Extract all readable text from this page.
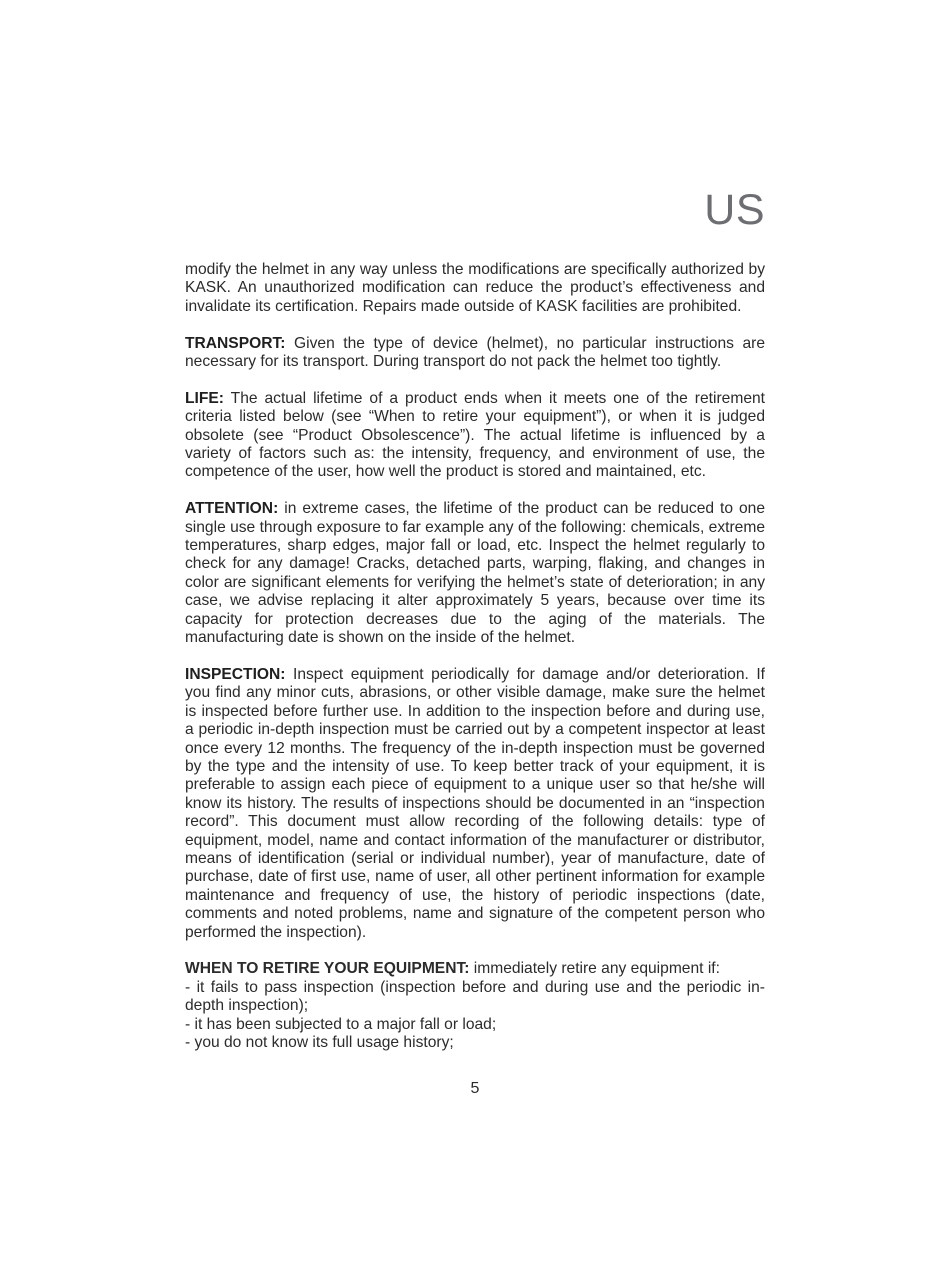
US

modify the helmet in any way unless the modifications are specifically authorized by KASK. An unauthorized modification can reduce the product’s effectiveness and invalidate its certification. Repairs made outside of KASK facilities are prohibited.

TRANSPORT: Given the type of device (helmet), no particular instructions are necessary for its transport. During transport do not pack the helmet too tightly.

LIFE: The actual lifetime of a product ends when it meets one of the retirement criteria listed below (see “When to retire your equipment”), or when it is judged obsolete (see “Product Obsolescence”). The actual lifetime is influenced by a variety of factors such as: the intensity, frequency, and environment of use, the competence of the user, how well the product is stored and maintained, etc.

ATTENTION: in extreme cases, the lifetime of the product can be reduced to one single use through exposure to far example any of the following: chemicals, extreme temperatures, sharp edges, major fall or load, etc. Inspect the helmet regularly to check for any damage! Cracks, detached parts, warping, flaking, and changes in color are significant elements for verifying the helmet’s state of deterioration; in any case, we advise replacing it alter approximately 5 years, because over time its capacity for protection decreases due to the aging of the materials. The manufacturing date is shown on the inside of the helmet.

INSPECTION: Inspect equipment periodically for damage and/or deterioration. If you find any minor cuts, abrasions, or other visible damage, make sure the helmet is inspected before further use. In addition to the inspection before and during use, a periodic in-depth inspection must be carried out by a competent inspector at least once every 12 months. The frequency of the in-depth inspection must be governed by the type and the intensity of use. To keep better track of your equipment, it is preferable to assign each piece of equipment to a unique user so that he/she will know its history. The results of inspections should be documented in an “inspection record”. This document must allow recording of the following details: type of equipment, model, name and contact information of the manufacturer or distributor, means of identification (serial or individual number), year of manufacture, date of purchase, date of first use, name of user, all other pertinent information for example maintenance and frequency of use, the history of periodic inspections (date, comments and noted problems, name and signature of the competent person who performed the inspection).

WHEN TO RETIRE YOUR EQUIPMENT: immediately retire any equipment if:
- it fails to pass inspection (inspection before and during use and the periodic in-depth inspection);
- it has been subjected to a major fall or load;
- you do not know its full usage history;
5
